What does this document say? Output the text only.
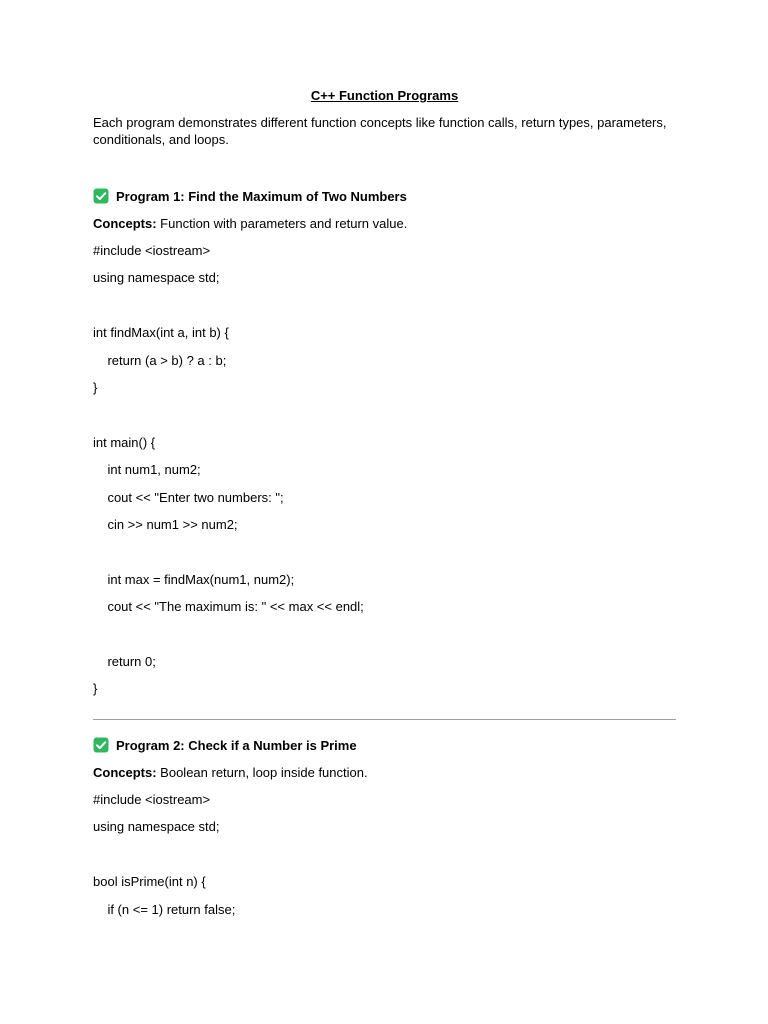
C++ Function Programs
Each program demonstrates different function concepts like function calls, return types, parameters, conditionals, and loops.
Program 1: Find the Maximum of Two Numbers
Concepts: Function with parameters and return value.
#include <iostream>
using namespace std;
int findMax(int a, int b) {
return (a > b) ? a : b;
}
int main() {
int num1, num2;
cout << "Enter two numbers: ";
cin >> num1 >> num2;
int max = findMax(num1, num2);
cout << "The maximum is: " << max << endl;
return 0;
}
Program 2: Check if a Number is Prime
Concepts: Boolean return, loop inside function.
#include <iostream>
using namespace std;
bool isPrime(int n) {
if (n <= 1) return false;
